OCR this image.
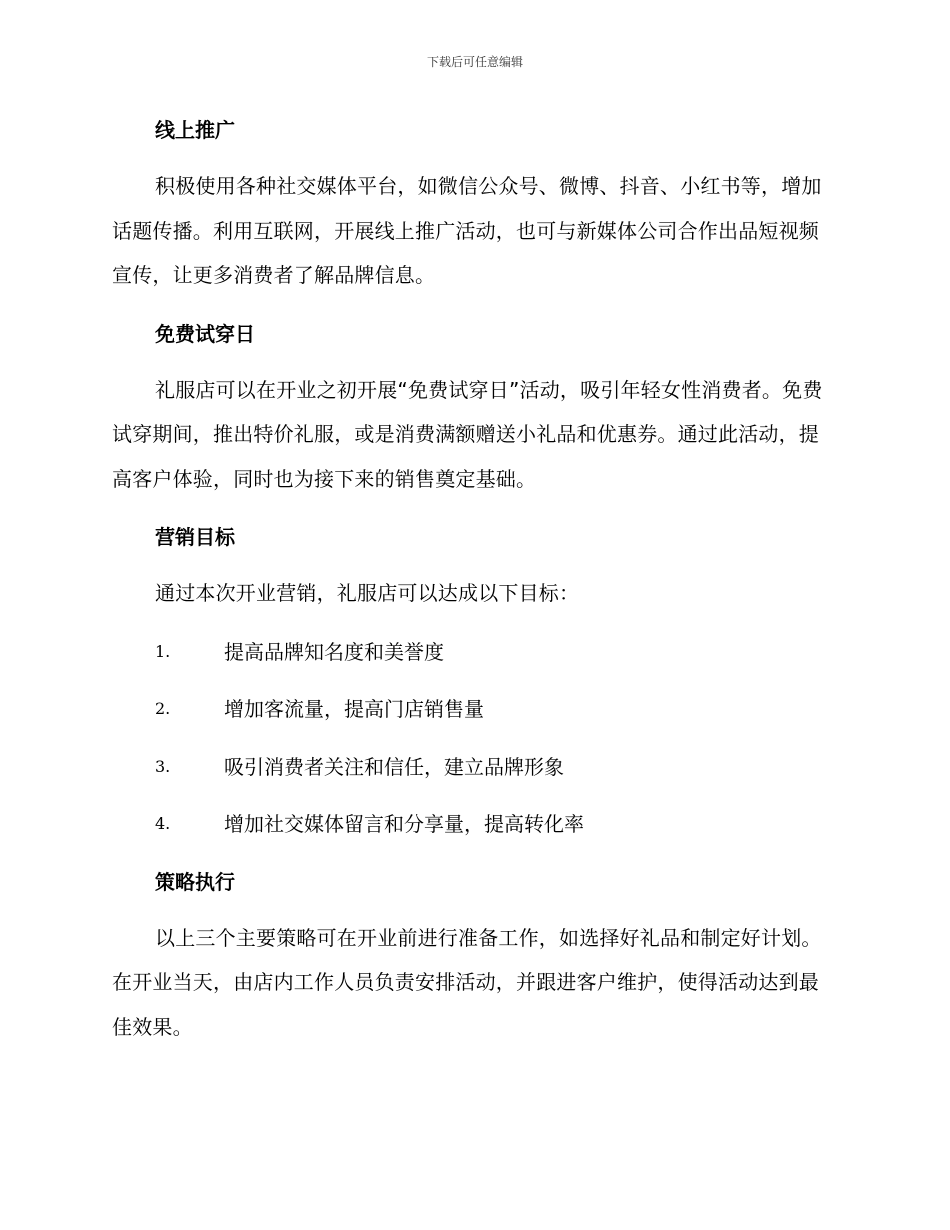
下载后可任意编辑
线上推广

积极使用各种社交媒体平台，如微信公众号、微博、抖音、小红书等，增加话题传播。利用互联网，开展线上推广活动，也可与新媒体公司合作出品短视频宣传，让更多消费者了解品牌信息。

免费试穿日

礼服店可以在开业之初开展“免费试穿日”活动，吸引年轻女性消费者。免费试穿期间，推出特价礼服，或是消费满额赠送小礼品和优惠券。通过此活动，提高客户体验，同时也为接下来的销售奠定基础。

营销目标

通过本次开业营销，礼服店可以达成以下目标：

1.	提高品牌知名度和美誉度
2.	增加客流量，提高门店销售量
3.	吸引消费者关注和信任，建立品牌形象
4.	增加社交媒体留言和分享量，提高转化率
策略执行

以上三个主要策略可在开业前进行准备工作，如选择好礼品和制定好计划。在开业当天，由店内工作人员负责安排活动，并跟进客户维护，使得活动达到最佳效果。
